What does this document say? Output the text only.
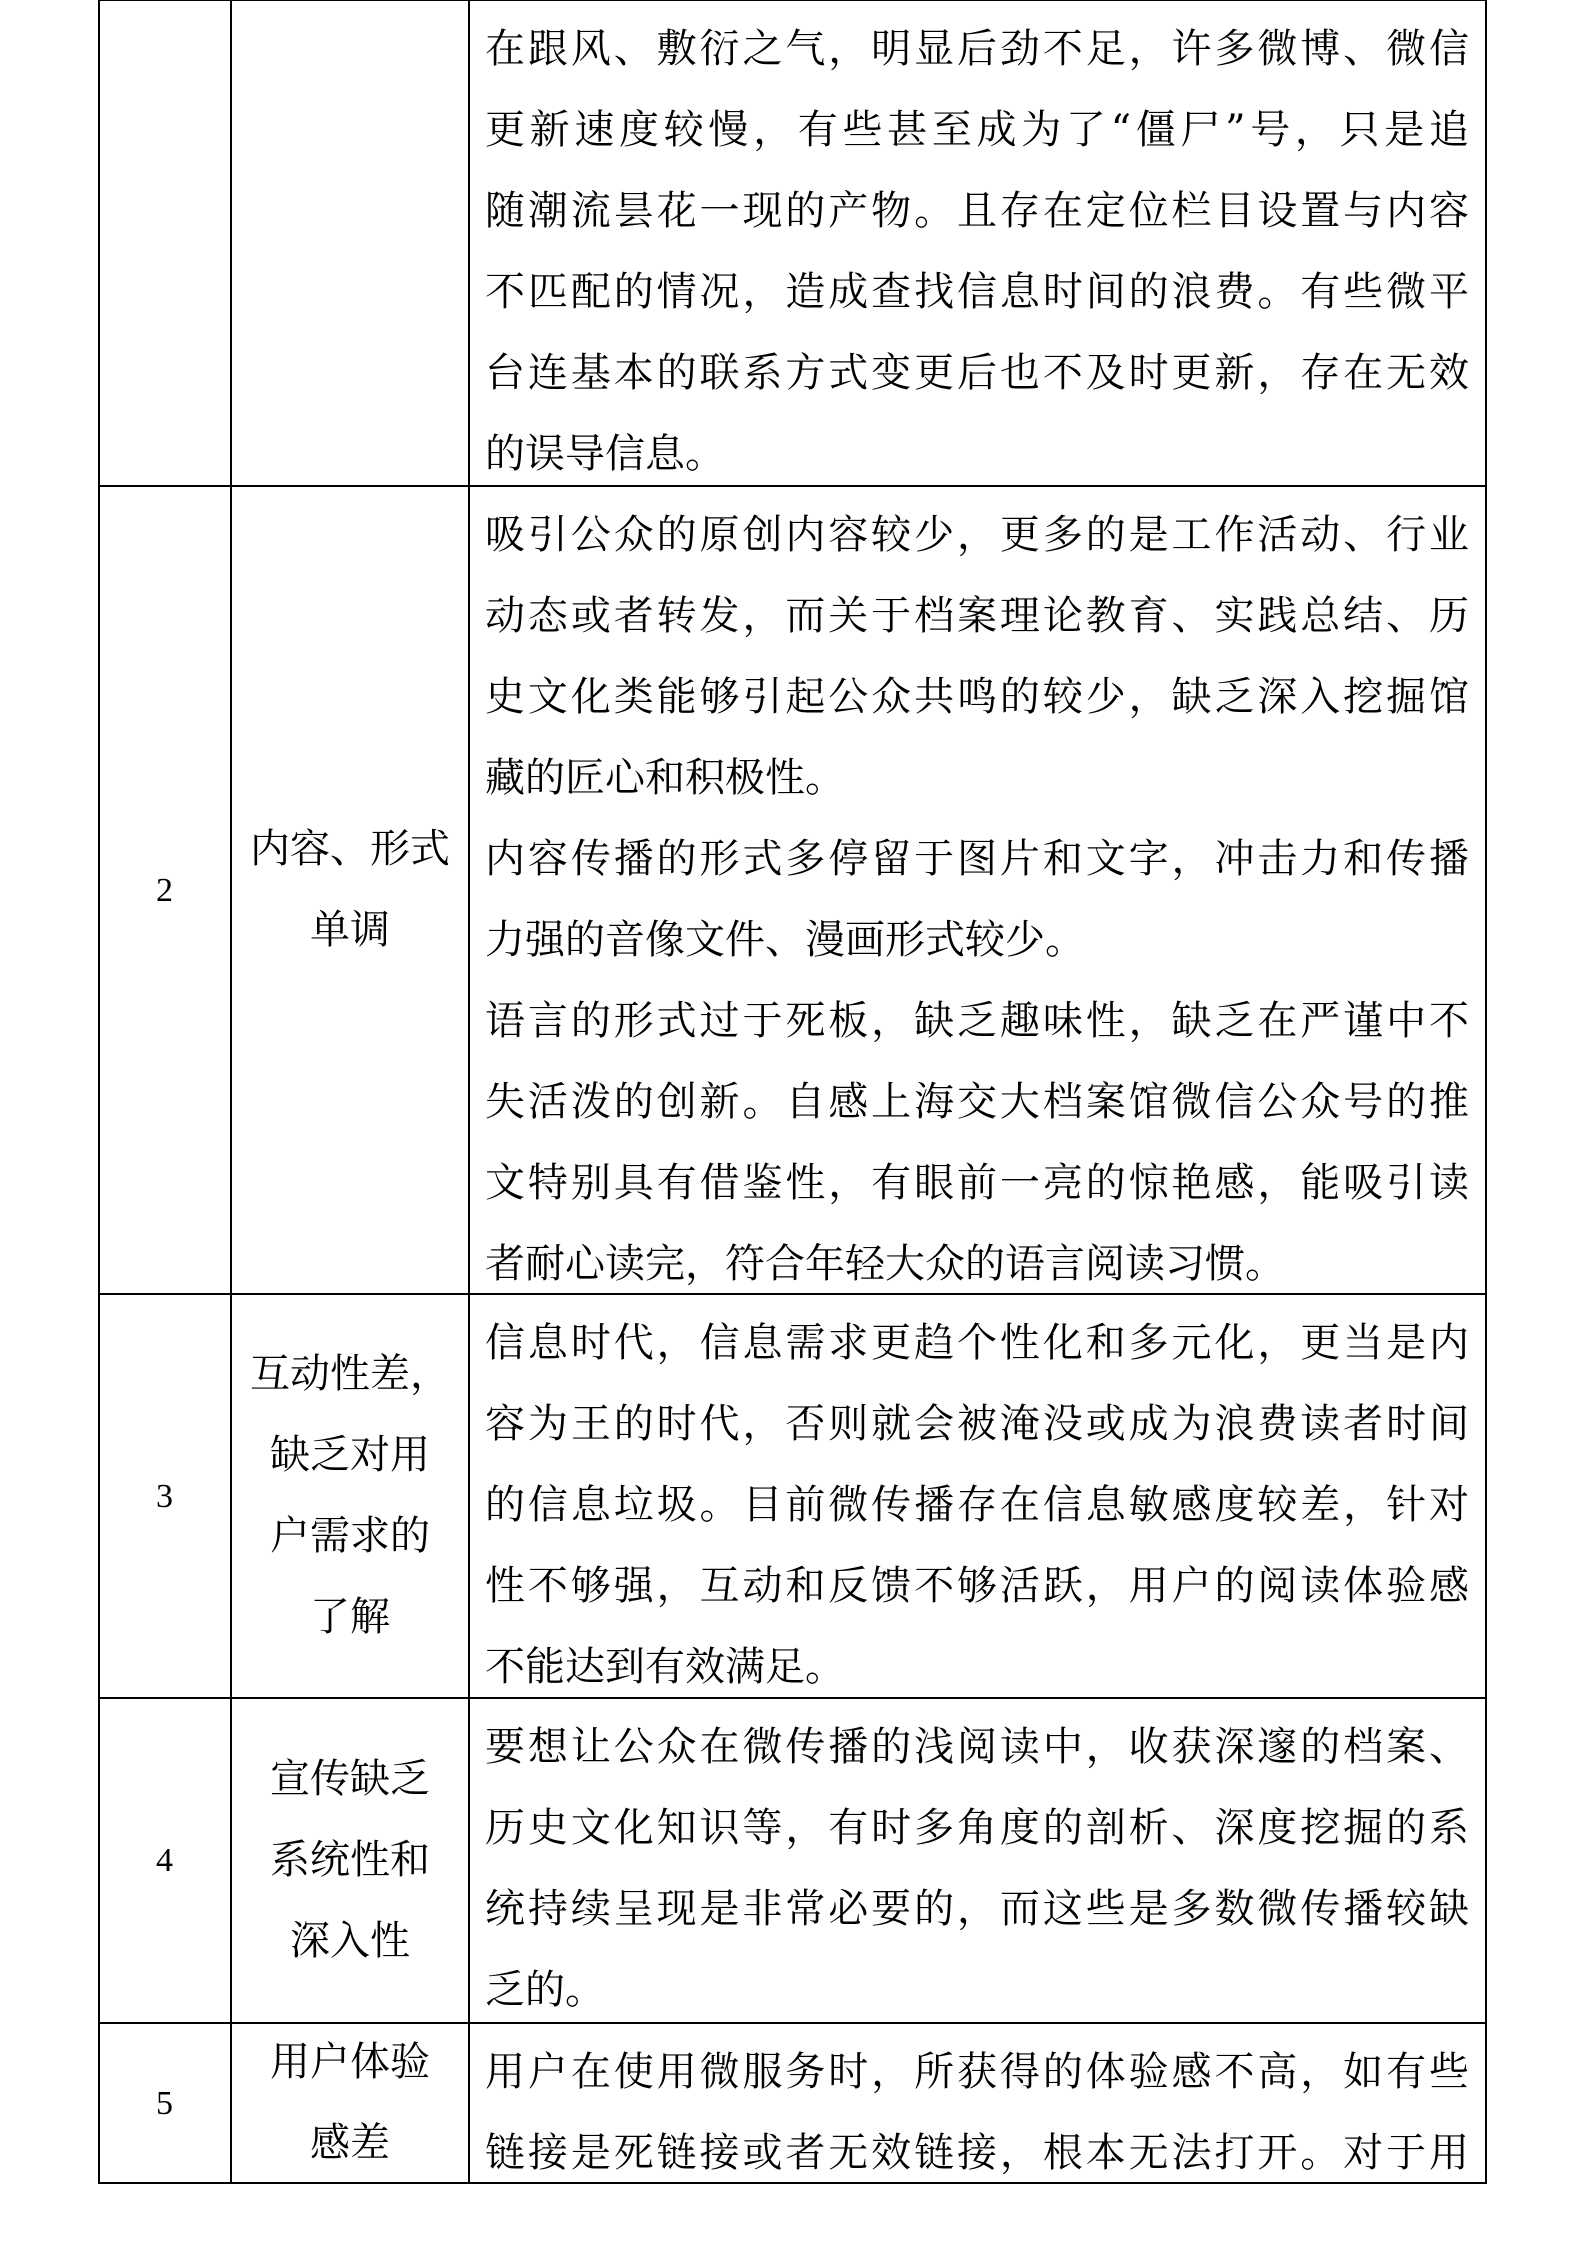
在跟风、敷衍之气，明显后劲不足，许多微博、微信
更新速度较慢，有些甚至成为了“僵尸”号，只是追
随潮流昙花一现的产物。且存在定位栏目设置与内容
不匹配的情况，造成查找信息时间的浪费。有些微平
台连基本的联系方式变更后也不及时更新，存在无效
的误导信息。
2
内容、形式
单调
吸引公众的原创内容较少，更多的是工作活动、行业
动态或者转发，而关于档案理论教育、实践总结、历
史文化类能够引起公众共鸣的较少，缺乏深入挖掘馆
藏的匠心和积极性。
内容传播的形式多停留于图片和文字，冲击力和传播
力强的音像文件、漫画形式较少。
语言的形式过于死板，缺乏趣味性，缺乏在严谨中不
失活泼的创新。自感上海交大档案馆微信公众号的推
文特别具有借鉴性，有眼前一亮的惊艳感，能吸引读
者耐心读完，符合年轻大众的语言阅读习惯。
3
互动性差，
缺乏对用
户需求的
了解
信息时代，信息需求更趋个性化和多元化，更当是内
容为王的时代，否则就会被淹没或成为浪费读者时间
的信息垃圾。目前微传播存在信息敏感度较差，针对
性不够强，互动和反馈不够活跃，用户的阅读体验感
不能达到有效满足。
4
宣传缺乏
系统性和
深入性
要想让公众在微传播的浅阅读中，收获深邃的档案、
历史文化知识等，有时多角度的剖析、深度挖掘的系
统持续呈现是非常必要的，而这些是多数微传播较缺
乏的。
5
用户体验
感差
用户在使用微服务时，所获得的体验感不高，如有些
链接是死链接或者无效链接，根本无法打开。对于用
